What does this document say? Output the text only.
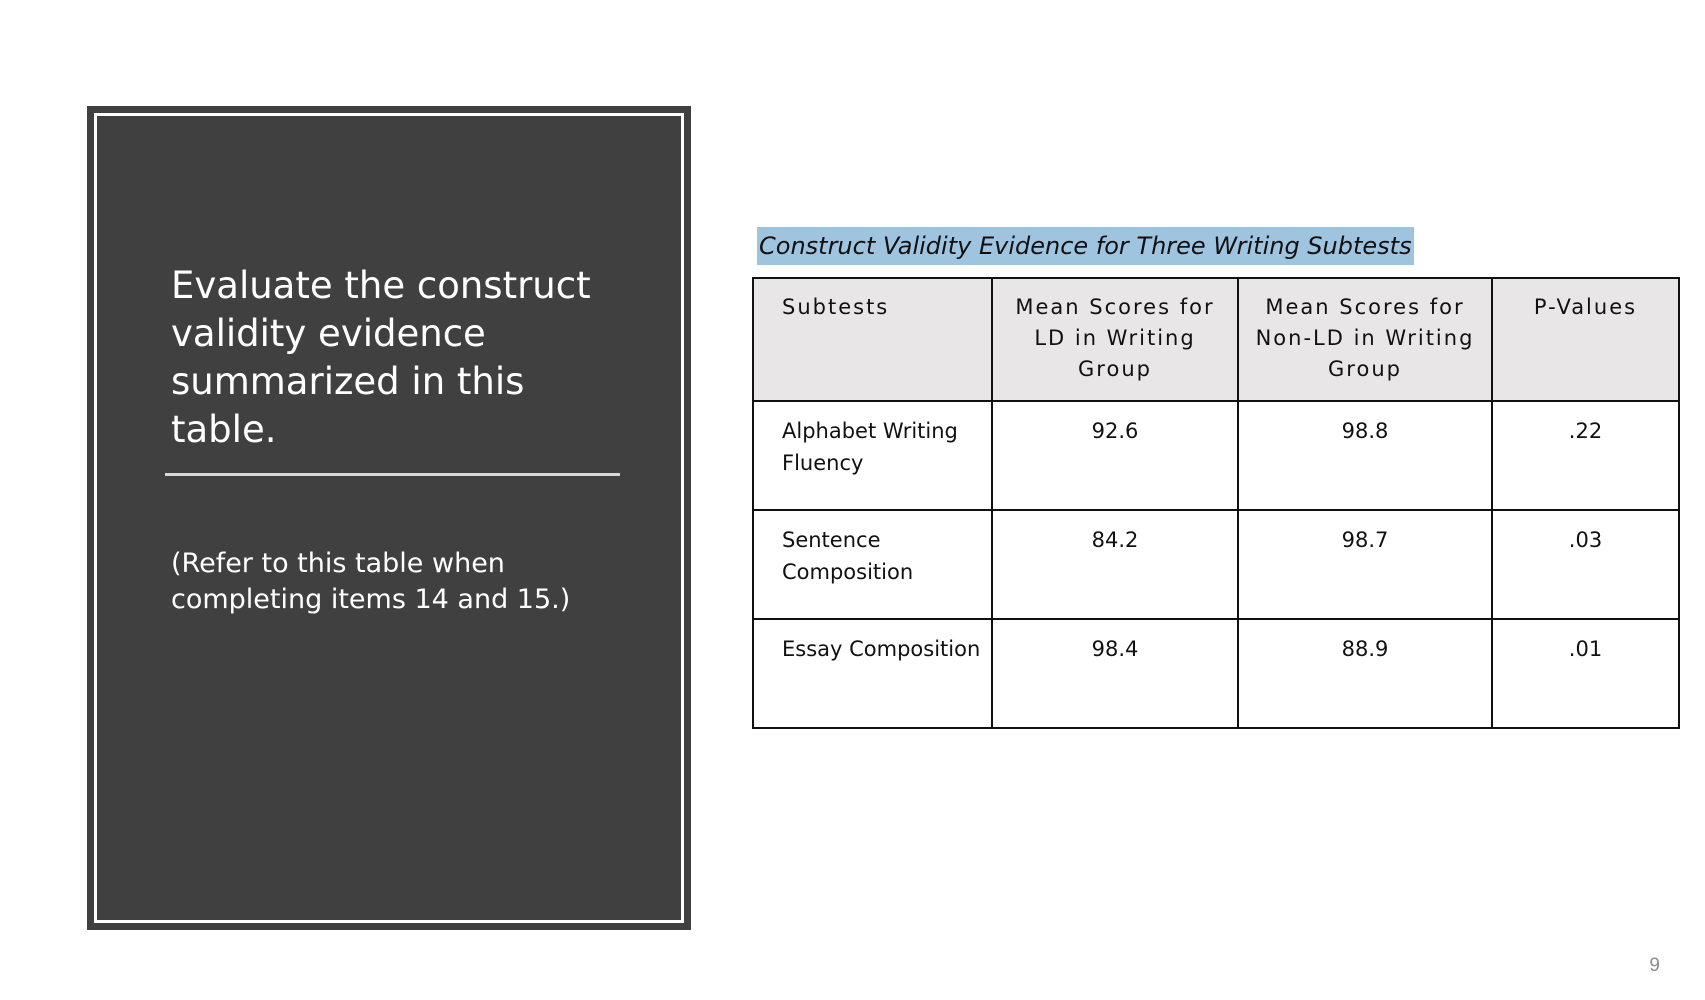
Evaluate the construct validity evidence summarized in this table.

(Refer to this table when completing items 14 and 15.)

Construct Validity Evidence for Three Writing Subtests
Subtests	Mean Scores for LD in Writing Group	Mean Scores for Non-LD in Writing Group	P-Values
Alphabet Writing Fluency	92.6	98.8	.22
Sentence Composition	84.2	98.7	.03
Essay Composition	98.4	88.9	.01
9
